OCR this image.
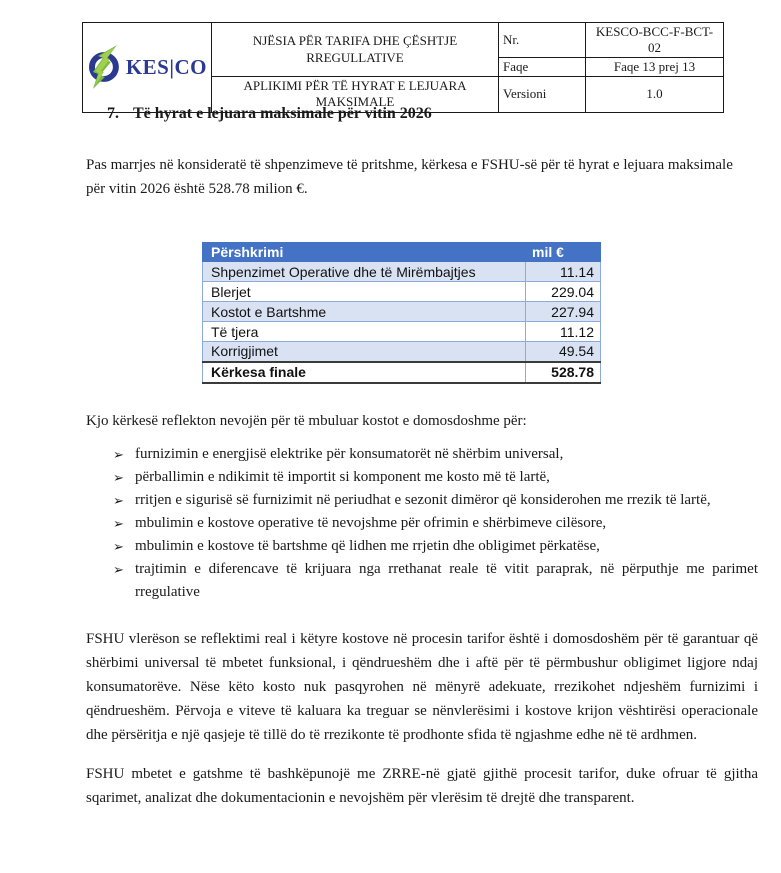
KES|CO	NJËSIA PËR TARIFA DHE ÇËSHTJE RREGULLATIVE	Nr.	KESCO-BCC-F-BCT-02
		Faqe	Faqe 13 prej 13
	APLIKIMI PËR TË HYRAT E LEJUARA MAKSIMALE	Versioni	1.0
7. Të hyrat e lejuara maksimale për vitin 2026

Pas marrjes në konsideratë të shpenzimeve të pritshme, kërkesa e FSHU-së për të hyrat e lejuara maksimale për vitin 2026 është 528.78 milion €.

Përshkrimi	mil €
Shpenzimet Operative dhe të Mirëmbajtjes	11.14
Blerjet	229.04
Kostot e Bartshme	227.94
Të tjera	11.12
Korrigjimet	49.54
Kërkesa finale	528.78

Kjo kërkesë reflekton nevojën për të mbuluar kostot e domosdoshme për:

➢ furnizimin e energjisë elektrike për konsumatorët në shërbim universal,
➢ përballimin e ndikimit të importit si komponent me kosto më të lartë,
➢ rritjen e sigurisë së furnizimit në periudhat e sezonit dimëror që konsiderohen me rrezik të lartë,
➢ mbulimin e kostove operative të nevojshme për ofrimin e shërbimeve cilësore,
➢ mbulimin e kostove të bartshme që lidhen me rrjetin dhe obligimet përkatëse,
➢ trajtimin e diferencave të krijuara nga rrethanat reale të vitit paraprak, në përputhje me parimet rregulative

FSHU vlerëson se reflektimi real i këtyre kostove në procesin tarifor është i domosdoshëm për të garantuar që shërbimi universal të mbetet funksional, i qëndrueshëm dhe i aftë për të përmbushur obligimet ligjore ndaj konsumatorëve. Nëse këto kosto nuk pasqyrohen në mënyrë adekuate, rrezikohet ndjeshëm furnizimi i qëndrueshëm. Përvoja e viteve të kaluara ka treguar se nënvlerësimi i kostove krijon vështirësi operacionale dhe përsëritja e një qasjeje të tillë do të rrezikonte të prodhonte sfida të ngjashme edhe në të ardhmen.

FSHU mbetet e gatshme të bashkëpunojë me ZRRE-në gjatë gjithë procesit tarifor, duke ofruar të gjitha sqarimet, analizat dhe dokumentacionin e nevojshëm për vlerësim të drejtë dhe transparent.
